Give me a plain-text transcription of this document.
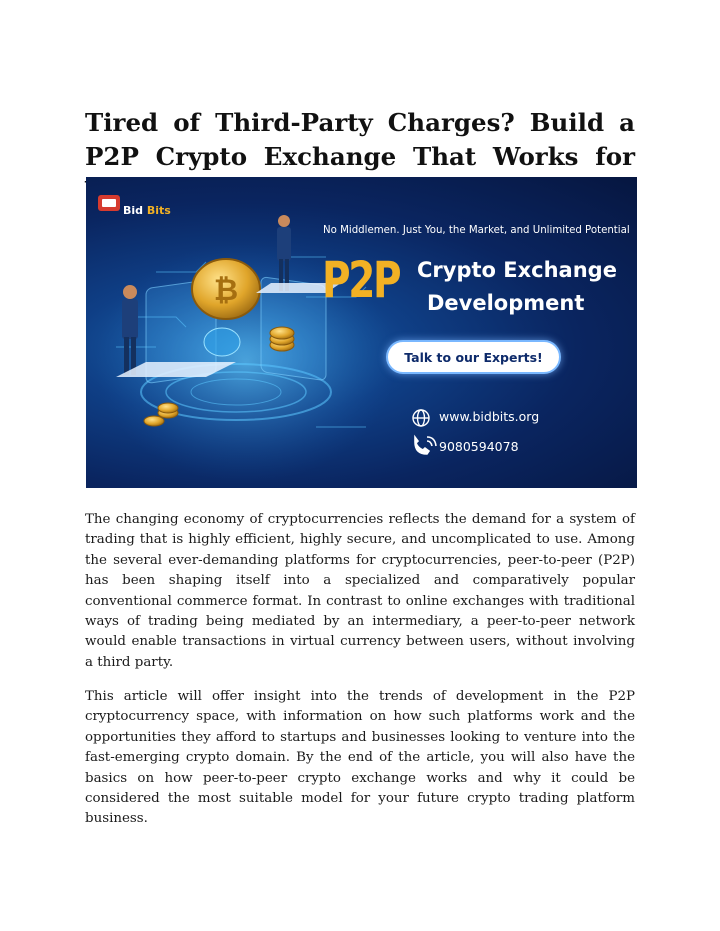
Tired of Third-Party Charges? Build a P2P Crypto Exchange That Works for
₿
Bid Bits
No Middlemen. Just You, the Market, and Unlimited Potential
P2P Crypto Exchange
Development
Talk to our Experts!
www.bidbits.org
9080594078

The changing economy of cryptocurrencies reflects the demand for a system of trading that is highly efficient, highly secure, and uncomplicated to use. Among the several ever-demanding platforms for cryptocurrencies, peer-to-peer (P2P) has been shaping itself into a specialized and comparatively popular conventional commerce format. In contrast to online exchanges with traditional ways of trading being mediated by an intermediary, a peer-to-peer network would enable transactions in virtual currency between users, without involving a third party.

This article will offer insight into the trends of development in the P2P cryptocurrency space, with information on how such platforms work and the opportunities they afford to startups and businesses looking to venture into the fast-emerging crypto domain. By the end of the article, you will also have the basics on how peer-to-peer crypto exchange works and why it could be considered the most suitable model for your future crypto trading platform business.
